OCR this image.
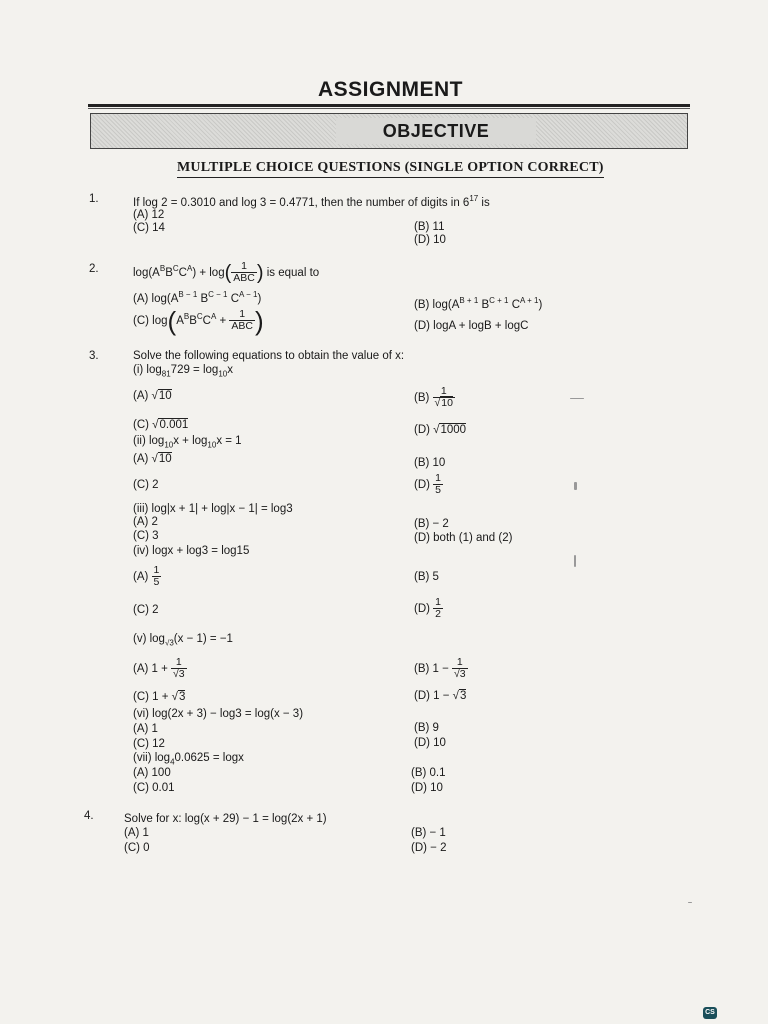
ASSIGNMENT
OBJECTIVE
MULTIPLE CHOICE QUESTIONS (SINGLE OPTION CORRECT)
1.	If log 2 = 0.3010 and log 3 = 0.4771, then the number of digits in $6^{17}$ is
(A) 12
(C) 14	(B) 11
(D) 10
2.	$\log(A^BB^CC^A) + \log( \frac{1}{\text{ABC}}$ ) is equal to
(A) $\log(A^{B - 1}$ $B^{C - 1}$ $C^{A - 1}$)	(B) $\log(A^{B + 1}$ $B^{C + 1}$ $C^{A + 1}$)
(C) $\log(A^BB^CC^A + \frac{1}{\text{ABC}}$ )	(D) logA + logB + logC
3.	Solve the following equations to obtain the value of x:
(i) $\log_{81}729 = \log_{10}x$
(A) √10	$(B) \frac{1}{√10}$
(C) √0.001	(D) √1000
(ii) $\log_{10}x + \log_{10}x = 1$
(A) √10	(B) 10
(C) 2	$(D) \frac{1}{5}$
(iii) log|x + 1| + log|x − 1| = log3
(A) 2	(B) − 2
(C) 3	(D) both (1) and (2)
(iv) logx + log3 = log15
$(A) \frac{1}{5}$	(B) 5
(C) 2	$(D) \frac{1}{2}$
(v) $\log_{√3}(x - 1) = -1$
(A) $1 + \frac{1}{√3}$	(B) $1 - \frac{1}{√3}$
(C) 1 + √3	(D) 1 − √3
(vi) log(2x + 3) − log3 = log(x − 3)
(A) 1	(B) 9
(C) 12	(D) 10
(vii) $\log_40.0625 = \log x$
(A) 100	(B) 0.1
(C) 0.01	(D) 10
4.	Solve for x: log(x + 29) − 1 = log(2x + 1)
(A) 1	(B) − 1
(C) 0	(D) − 2
CS
